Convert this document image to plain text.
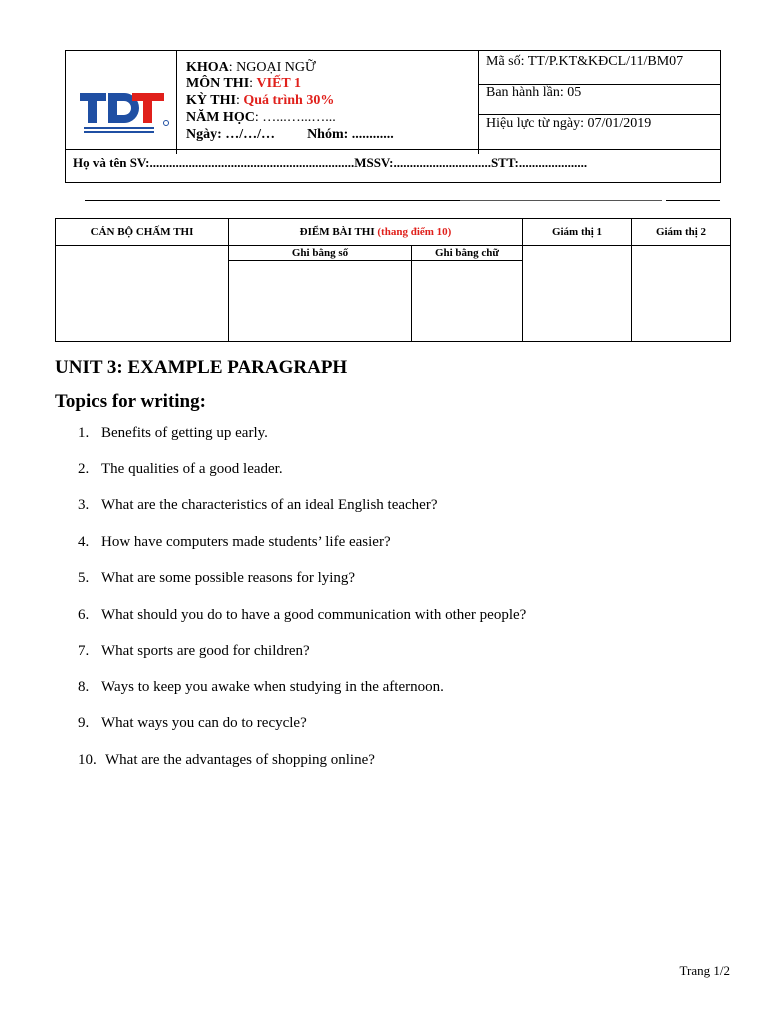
KHOA: NGOẠI NGỮ
MÔN THI: VIẾT 1
KỲ THI: Quá trình 30%
NĂM HỌC: …...…...…...
Ngày: …/…/… Nhóm: ............
Mã số: TT/P.KT&KĐCL/11/BM07
Ban hành lần: 05
Hiệu lực từ ngày: 07/01/2019
Họ và tên SV:...............................................................MSSV:..............................STT:.....................
CÁN BỘ CHẤM THI	ĐIỂM BÀI THI (thang điểm 10)		Giám thị 1	Giám thị 2
	Ghi bằng số	Ghi bằng chữ		

UNIT 3: EXAMPLE PARAGRAPH
Topics for writing:
1. Benefits of getting up early.
2. The qualities of a good leader.
3. What are the characteristics of an ideal English teacher?
4. How have computers made students’ life easier?
5. What are some possible reasons for lying?
6. What should you do to have a good communication with other people?
7. What sports are good for children?
8. Ways to keep you awake when studying in the afternoon.
9. What ways you can do to recycle?
10. What are the advantages of shopping online?
Trang 1/2
